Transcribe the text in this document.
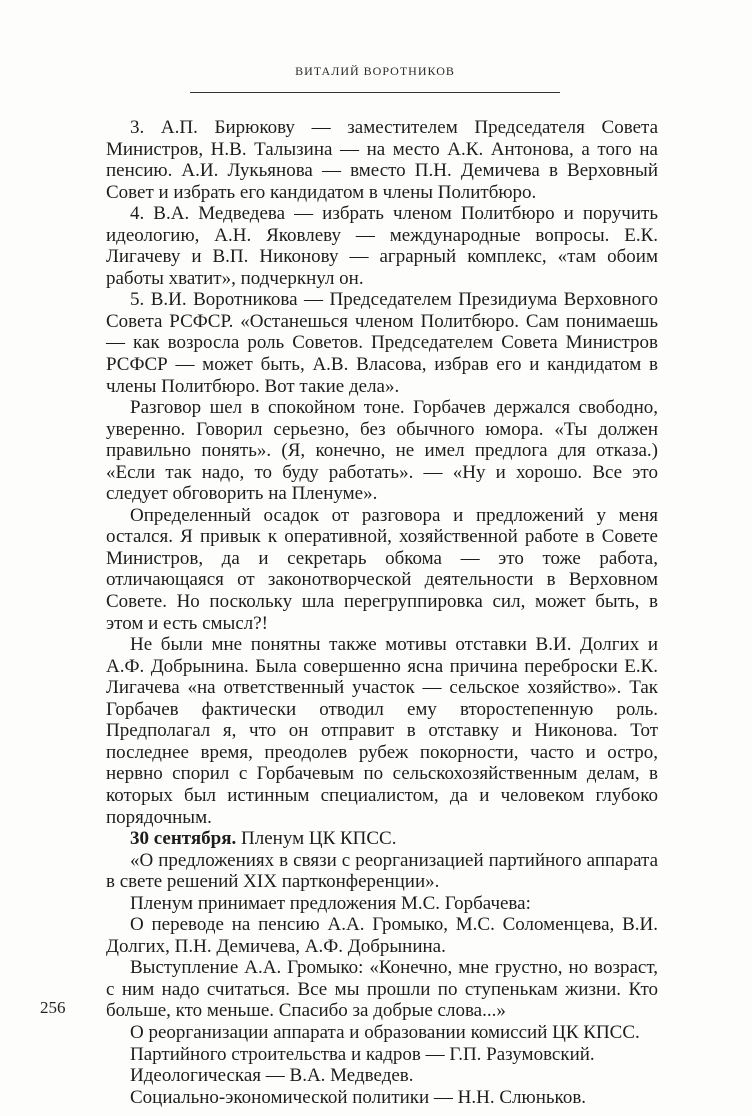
ВИТАЛИЙ ВОРОТНИКОВ

3. А.П. Бирюкову — заместителем Председателя Совета Министров, Н.В. Талызина — на место А.К. Антонова, а того на пенсию. А.И. Лукьянова — вместо П.Н. Демичева в Верховный Совет и избрать его кандидатом в члены Политбюро.

4. В.А. Медведева — избрать членом Политбюро и поручить идеологию, А.Н. Яковлеву — международные вопросы. Е.К. Лигачеву и В.П. Никонову — аграрный комплекс, «там обоим работы хватит», подчеркнул он.

5. В.И. Воротникова — Председателем Президиума Верховного Совета РСФСР. «Останешься членом Политбюро. Сам понимаешь — как возросла роль Советов. Председателем Совета Министров РСФСР — может быть, А.В. Власова, избрав его и кандидатом в члены Политбюро. Вот такие дела».

Разговор шел в спокойном тоне. Горбачев держался свободно, уверенно. Говорил серьезно, без обычного юмора. «Ты должен правильно понять». (Я, конечно, не имел предлога для отказа.) «Если так надо, то буду работать». — «Ну и хорошо. Все это следует обговорить на Пленуме».

Определенный осадок от разговора и предложений у меня остался. Я привык к оперативной, хозяйственной работе в Совете Министров, да и секретарь обкома — это тоже работа, отличающаяся от законотворческой деятельности в Верховном Совете. Но поскольку шла перегруппировка сил, может быть, в этом и есть смысл?!

Не были мне понятны также мотивы отставки В.И. Долгих и А.Ф. Добрынина. Была совершенно ясна причина переброски Е.К. Лигачева «на ответственный участок — сельское хозяйство». Так Горбачев фактически отводил ему второстепенную роль. Предполагал я, что он отправит в отставку и Никонова. Тот последнее время, преодолев рубеж покорности, часто и остро, нервно спорил с Горбачевым по сельскохозяйственным делам, в которых был истинным специалистом, да и человеком глубоко порядочным.

30 сентября. Пленум ЦК КПСС.

«О предложениях в связи с реорганизацией партийного аппарата в свете решений XIX партконференции».

Пленум принимает предложения М.С. Горбачева:

О переводе на пенсию А.А. Громыко, М.С. Соломенцева, В.И. Долгих, П.Н. Демичева, А.Ф. Добрынина.

Выступление А.А. Громыко: «Конечно, мне грустно, но возраст, с ним надо считаться. Все мы прошли по ступенькам жизни. Кто больше, кто меньше. Спасибо за добрые слова...»

О реорганизации аппарата и образовании комиссий ЦК КПСС.

Партийного строительства и кадров — Г.П. Разумовский.

Идеологическая — В.А. Медведев.

Социально-экономической политики — Н.Н. Слюньков.

256
